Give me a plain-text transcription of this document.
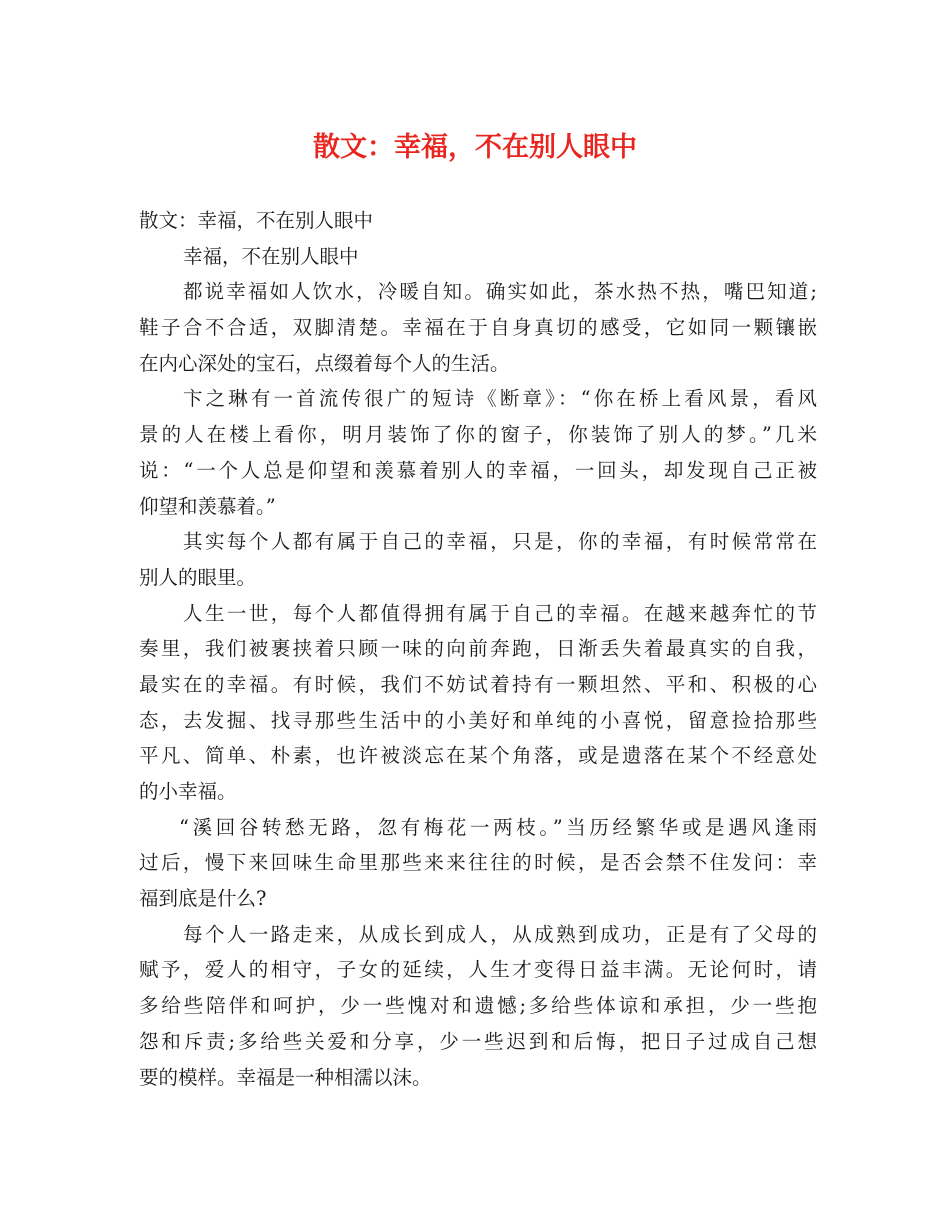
散文：幸福，不在别人眼中
散文：幸福，不在别人眼中
幸福，不在别人眼中
都说幸福如人饮水，冷暖自知。确实如此，茶水热不热，嘴巴知道;
鞋子合不合适，双脚清楚。幸福在于自身真切的感受，它如同一颗镶嵌
在内心深处的宝石，点缀着每个人的生活。
卞之琳有一首流传很广的短诗《断章》：“你在桥上看风景，看风
景的人在楼上看你，明月装饰了你的窗子，你装饰了别人的梦。”几米
说：“一个人总是仰望和羡慕着别人的幸福，一回头，却发现自己正被
仰望和羡慕着。”
其实每个人都有属于自己的幸福，只是，你的幸福，有时候常常在
别人的眼里。
人生一世，每个人都值得拥有属于自己的幸福。在越来越奔忙的节
奏里，我们被裹挟着只顾一味的向前奔跑，日渐丢失着最真实的自我，
最实在的幸福。有时候，我们不妨试着持有一颗坦然、平和、积极的心
态，去发掘、找寻那些生活中的小美好和单纯的小喜悦，留意捡拾那些
平凡、简单、朴素，也许被淡忘在某个角落，或是遗落在某个不经意处
的小幸福。
“溪回谷转愁无路，忽有梅花一两枝。”当历经繁华或是遇风逢雨
过后，慢下来回味生命里那些来来往往的时候，是否会禁不住发问：幸
福到底是什么?
每个人一路走来，从成长到成人，从成熟到成功，正是有了父母的
赋予，爱人的相守，子女的延续，人生才变得日益丰满。无论何时，请
多给些陪伴和呵护，少一些愧对和遗憾;多给些体谅和承担，少一些抱
怨和斥责;多给些关爱和分享，少一些迟到和后悔，把日子过成自己想
要的模样。幸福是一种相濡以沫。
